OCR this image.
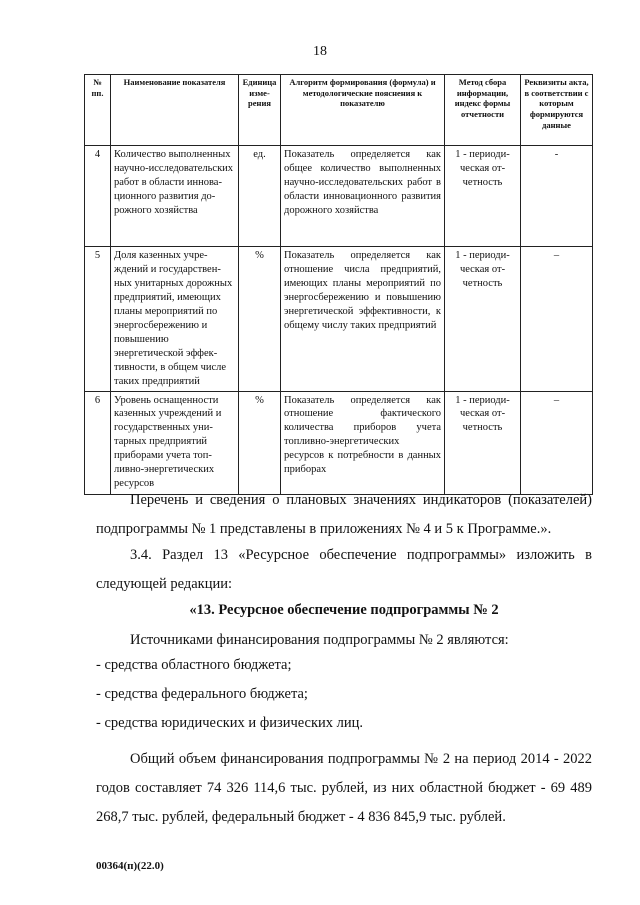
18
№ пп.	Наименование показателя	Единица измерения	Алгоритм формирования (формула) и методологические пояснения к показателю	Метод сбора информации, индекс формы отчетности	Реквизиты акта, в соответствии с которым формируются данные
4	Количество выполненных научно-исследовательских работ в области инновационного развития дорожного хозяйства	ед.	Показатель определяется как общее количество выполненных научно-исследовательских работ в области инновационного развития дорожного хозяйства	1 - периодическая отчетность	-
5	Доля казенных учреждений и государственных унитарных дорожных предприятий, имеющих планы мероприятий по энергосбережению и повышению энергетической эффективности, в общем числе таких предприятий	%	Показатель определяется как отношение числа предприятий, имеющих планы мероприятий по энергосбережению и повышению энергетической эффективности, к общему числу таких предприятий	1 - периодическая отчетность	–
6	Уровень оснащенности казенных учреждений и государственных унитарных предприятий приборами учета топливно-энергетических ресурсов	%	Показатель определяется как отношение фактического количества приборов учета топливно-энергетических ресурсов к потребности в данных приборах	1 - периодическая отчетность	–
Перечень и сведения о плановых значениях индикаторов (показателей) подпрограммы № 1 представлены в приложениях № 4 и 5 к Программе.».
3.4. Раздел 13 «Ресурсное обеспечение подпрограммы» изложить в следующей редакции:
«13. Ресурсное обеспечение подпрограммы № 2
Источниками финансирования подпрограммы № 2 являются:
- средства областного бюджета;
- средства федерального бюджета;
- средства юридических и физических лиц.
Общий объем финансирования подпрограммы № 2 на период 2014 - 2022 годов составляет 74 326 114,6 тыс. рублей, из них областной бюджет - 69 489 268,7 тыс. рублей, федеральный бюджет - 4 836 845,9 тыс. рублей.
00364(п)(22.0)
